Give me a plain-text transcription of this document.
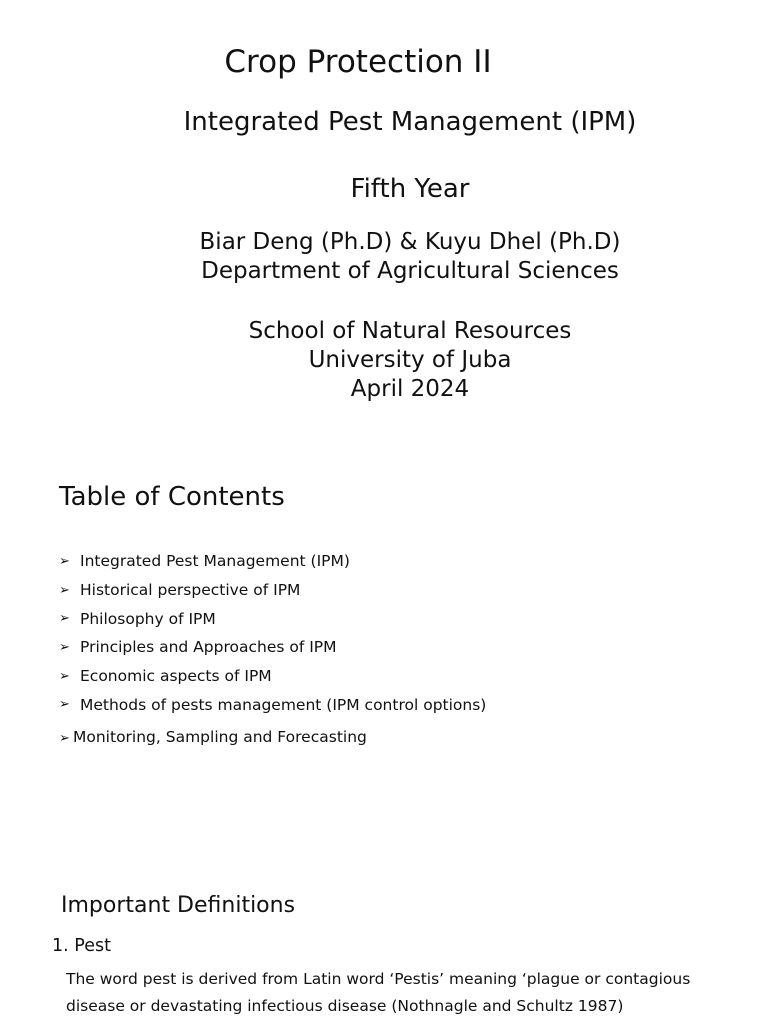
Crop Protection II
Integrated Pest Management (IPM)
Fifth Year
Biar Deng (Ph.D) & Kuyu Dhel (Ph.D)
Department of Agricultural Sciences
School of Natural Resources
University of Juba
April 2024
Table of Contents
➢ Integrated Pest Management (IPM)
➢ Historical perspective of IPM
➢ Philosophy of IPM
➢ Principles and Approaches of IPM
➢ Economic aspects of IPM
➢ Methods of pests management (IPM control options)
➢ Monitoring, Sampling and Forecasting
Important Definitions
1. Pest
The word pest is derived from Latin word ‘Pestis’ meaning ‘plague or contagious disease or devastating infectious disease (Nothnagle and Schultz 1987)
